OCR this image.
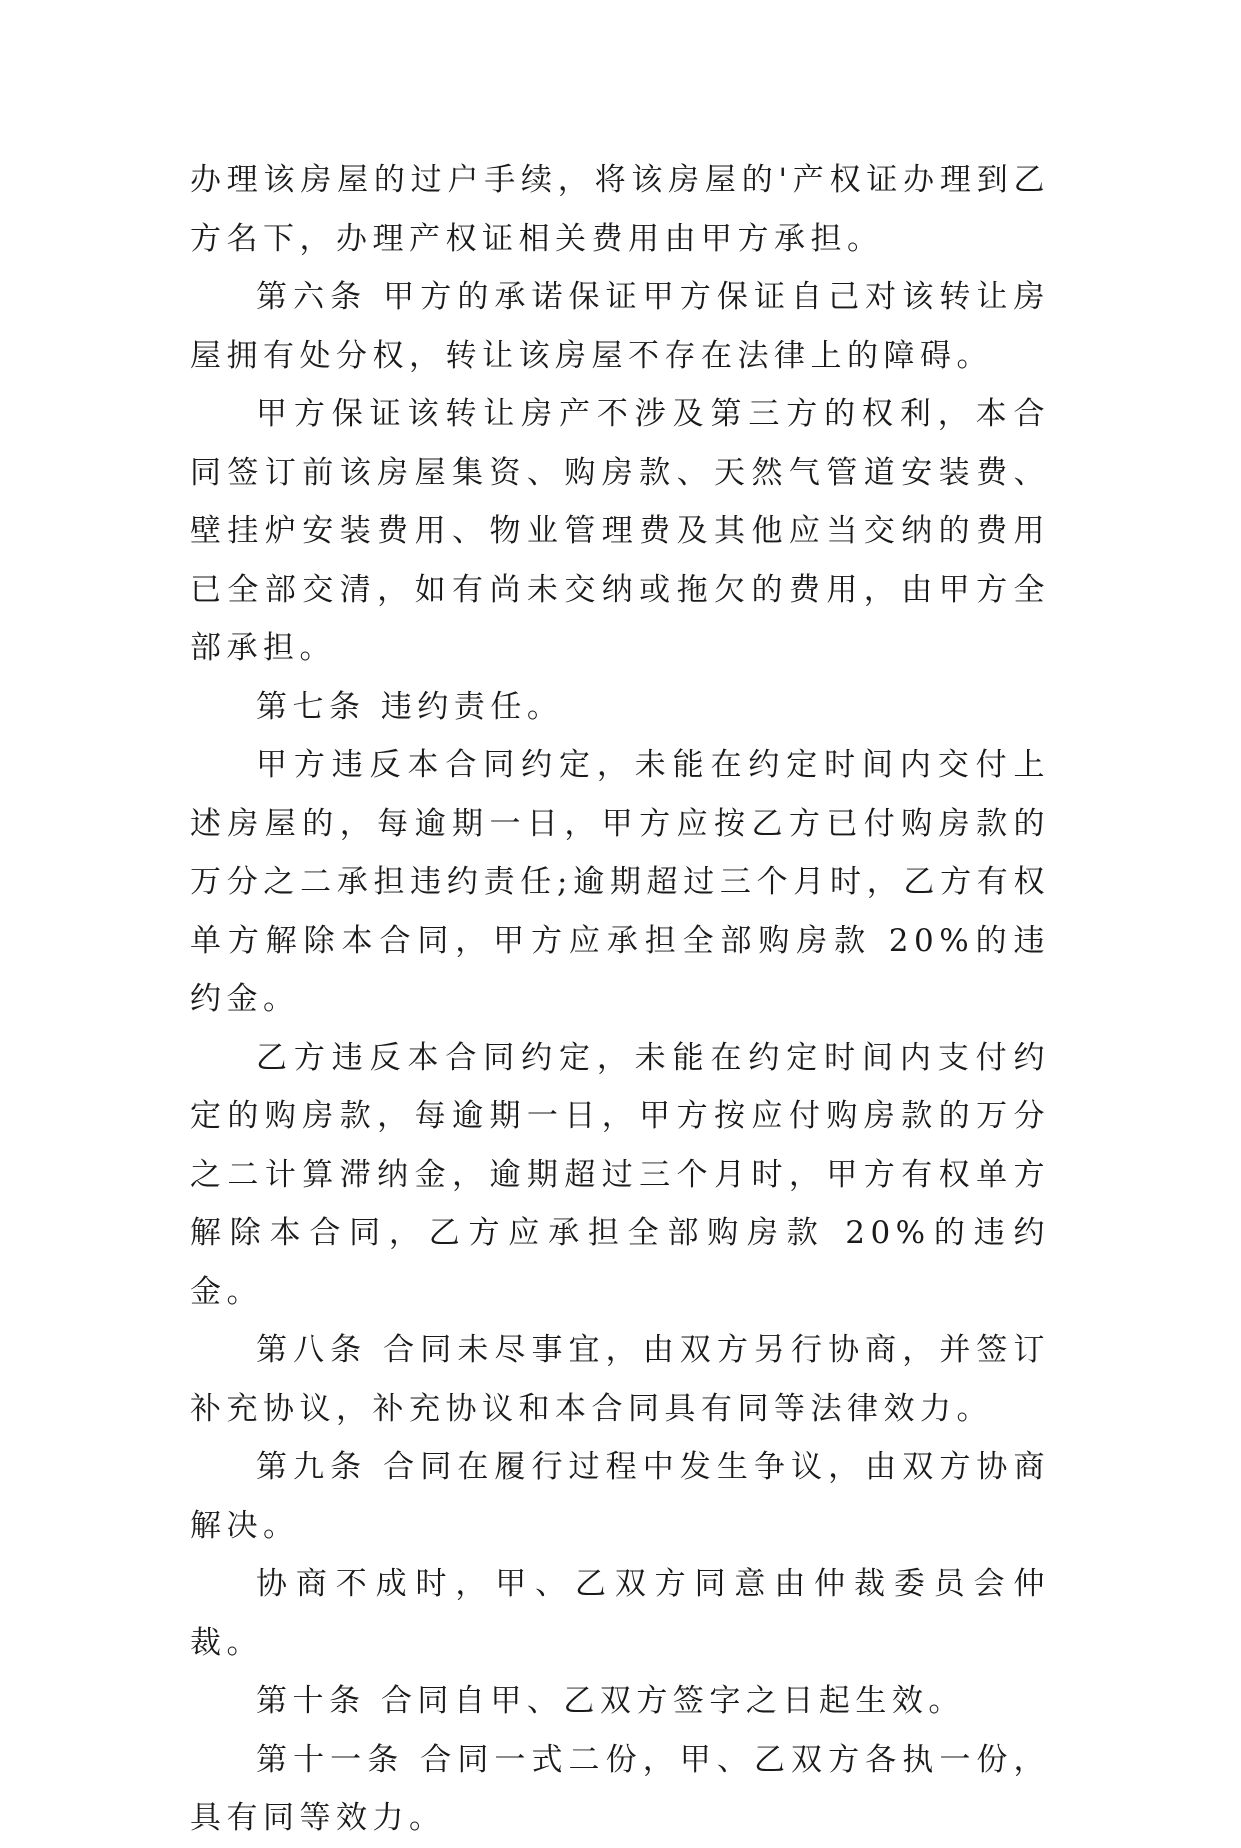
办理该房屋的过户手续，将该房屋的'产权证办理到乙方名下，办理产权证相关费用由甲方承担。

第六条 甲方的承诺保证甲方保证自己对该转让房屋拥有处分权，转让该房屋不存在法律上的障碍。

甲方保证该转让房产不涉及第三方的权利，本合同签订前该房屋集资、购房款、天然气管道安装费、壁挂炉安装费用、物业管理费及其他应当交纳的费用已全部交清，如有尚未交纳或拖欠的费用，由甲方全部承担。

第七条 违约责任。

甲方违反本合同约定，未能在约定时间内交付上述房屋的，每逾期一日，甲方应按乙方已付购房款的万分之二承担违约责任;逾期超过三个月时，乙方有权单方解除本合同，甲方应承担全部购房款 20%的违约金。

乙方违反本合同约定，未能在约定时间内支付约定的购房款，每逾期一日，甲方按应付购房款的万分之二计算滞纳金，逾期超过三个月时，甲方有权单方解除本合同，乙方应承担全部购房款 20%的违约金。

第八条 合同未尽事宜，由双方另行协商，并签订补充协议，补充协议和本合同具有同等法律效力。

第九条 合同在履行过程中发生争议，由双方协商解决。

协商不成时，甲、乙双方同意由仲裁委员会仲裁。

第十条 合同自甲、乙双方签字之日起生效。

第十一条 合同一式二份，甲、乙双方各执一份，具有同等效力。
